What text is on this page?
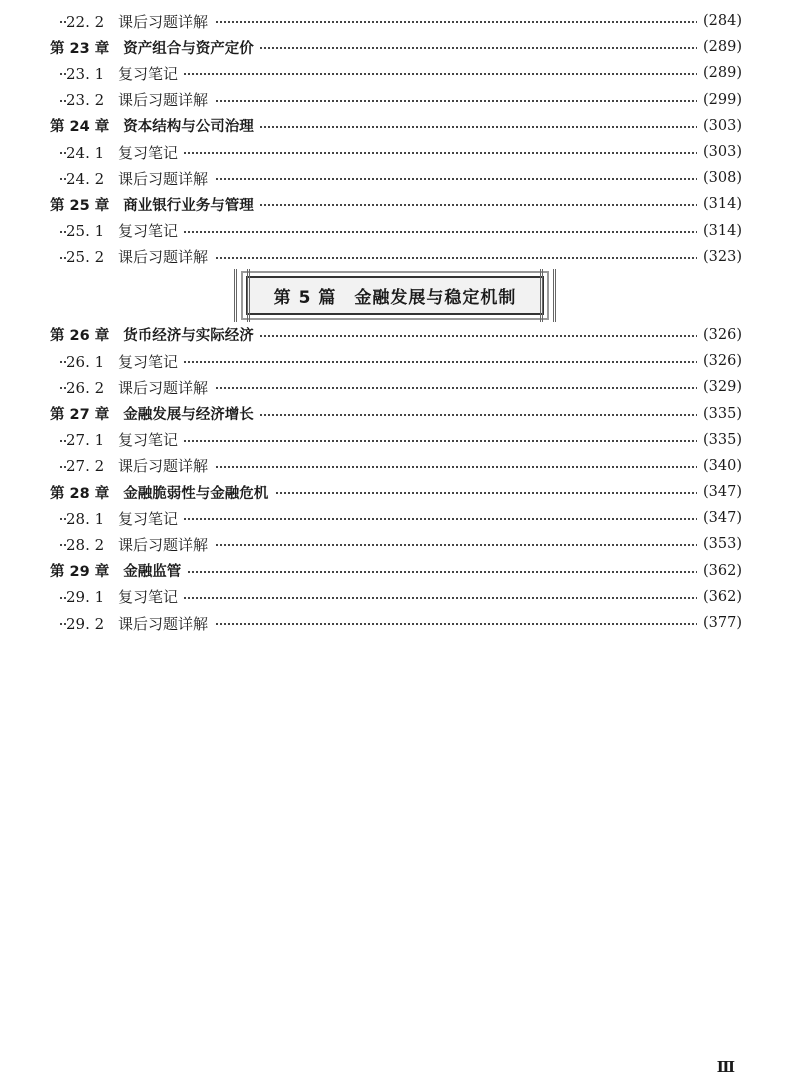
22. 2 课后习题详解	(284)
第 23 章 资产组合与资产定价	(289)
23. 1 复习笔记	(289)
23. 2 课后习题详解	(299)
第 24 章 资本结构与公司治理	(303)
24. 1 复习笔记	(303)
24. 2 课后习题详解	(308)
第 25 章 商业银行业务与管理	(314)
25. 1 复习笔记	(314)
25. 2 课后习题详解	(323)
第 5 篇 金融发展与稳定机制
第 26 章 货币经济与实际经济	(326)
26. 1 复习笔记	(326)
26. 2 课后习题详解	(329)
第 27 章 金融发展与经济增长	(335)
27. 1 复习笔记	(335)
27. 2 课后习题详解	(340)
第 28 章 金融脆弱性与金融危机	(347)
28. 1 复习笔记	(347)
28. 2 课后习题详解	(353)
第 29 章 金融监管	(362)
29. 1 复习笔记	(362)
29. 2 课后习题详解	(377)
Ⅲ
